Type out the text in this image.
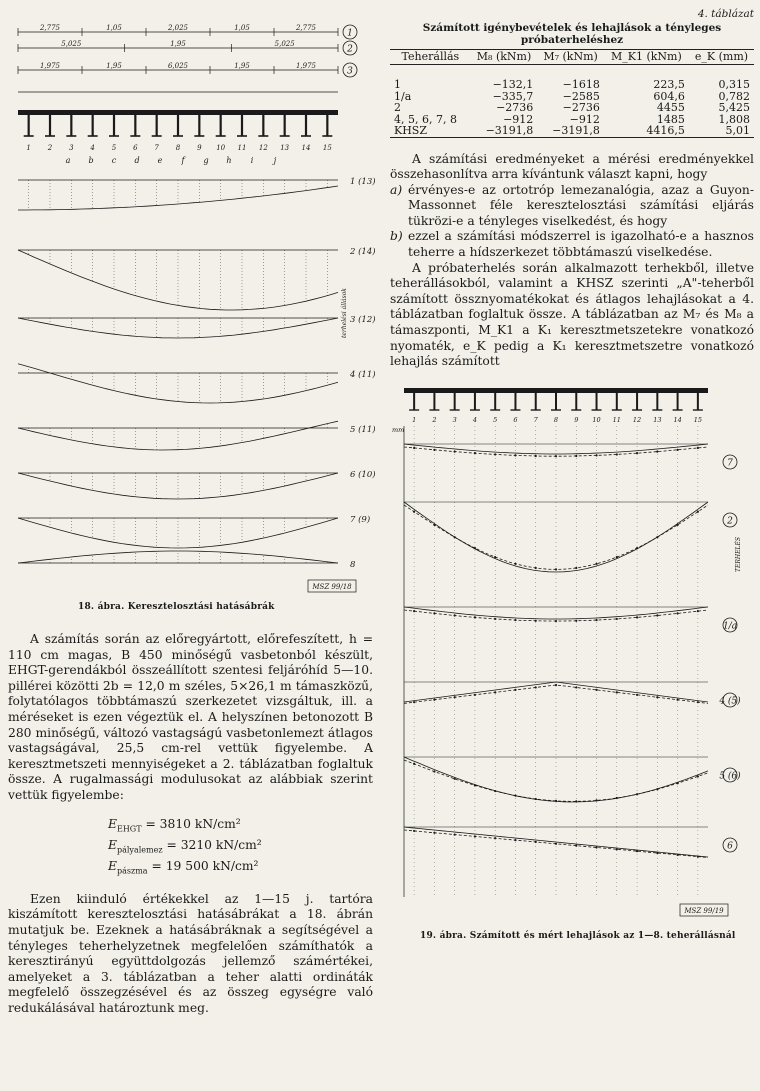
2,775	1,05	2,025	1,05	2,775
1
5,025	1,95	5,025
2
1,975	1,95	6,025	1,95	1,975
3
1 2 3 4 5 6 7 8 9 10 11 12 13 14 15
a b c d e f g h i	j
1 (13)
2 (14)
3 (12)
4 (11)
5 (11)
6 (10)
7 (9)
8
terhelési állások
MSZ 99/18
18. ábra. Keresztelosztási hatásábrák

A számítás során az előregyártott, előrefeszített, h = 110 cm magas, B 450 minőségű vasbetonból készült, EHGT-gerendákból összeállított szentesi feljáróhíd 5—10. pillérei közötti 2b = 12,0 m széles, 5×26,1 m támaszközű, folytatólagos többtámaszú szerkezetet vizsgáltuk, ill. a méréseket is ezen végeztük el. A helyszínen betonozott B 280 minőségű, változó vastagságú vasbetonlemezt átlagos vastagságával, 25,5 cm-rel vettük figyelembe. A keresztmetszeti mennyiségeket a 2. táblázatban foglaltuk össze. A rugalmassági modulusokat az alábbiak szerint vettük figyelembe:

$E_{EHGT} = 3810$ kN/cm²
$E_{pályalemez} = 3210$ kN/cm²
$E_{pászma} = 19$ 500 kN/cm²

Ezen kiinduló értékekkel az 1—15 j. tartóra kiszámított keresztelosztási hatásábrákat a 18. ábrán mutatjuk be. Ezeknek a hatásábráknak a segítségével a tényleges teherhelyzetnek megfelelően számíthatók a keresztirányú együttdolgozás jellemző számértékei, amelyeket a 3. táblázatban a teher alatti ordináták megfelelő összegzésével és az összeg egységre való redukálásával határoztunk meg.

4. táblázat
Számított igénybevételek és lehajlások a tényleges próbaterheléshez
Teherállás	M₈ (kNm)	M₇ (kNm)	M_K1 (kNm)	e_K (mm)

1	−132,1	−1618	223,5	0,315
1/a	−335,7	−2585	604,6	0,782
2	−2736	−2736	4455	5,425
4, 5, 6, 7, 8	−912	−912	1485	1,808
KHSZ	−3191,8	−3191,8	4416,5	5,01

A számítási eredményeket a mérési eredményekkel összehasonlítva arra kívántunk választ kapni, hogy

a) érvényes-e az ortotróp lemezanalógia, azaz a Guyon-Massonnet féle keresztelosztási számítási eljárás tükrözi-e a tényleges viselkedést, és hogy
b) ezzel a számítási módszerrel is igazolható-e a hasznos teherre a hídszerkezet többtámaszú viselkedése.

A próbaterhelés során alkalmazott terhekből, illetve teherállásokból, valamint a KHSZ szerinti „A"-teherből számított össznyomatékokat és átlagos lehajlásokat a 4. táblázatban foglaltuk össze. A táblázatban az M₇ és M₈ a támaszponti, M_K1 a K₁ keresztmetszetekre vonatkozó nyomaték, e_K pedig a K₁ keresztmetszetre vonatkozó lehajlás számított

1 2 3 4 5 6 7 8 9 10 11 12 13 14 15
mm
7
2
1/a
4 (5)
5 (6)
6
TERHELÉS
MSZ 99/19
19. ábra. Számított és mért lehajlások az 1—8. teherállásnál
